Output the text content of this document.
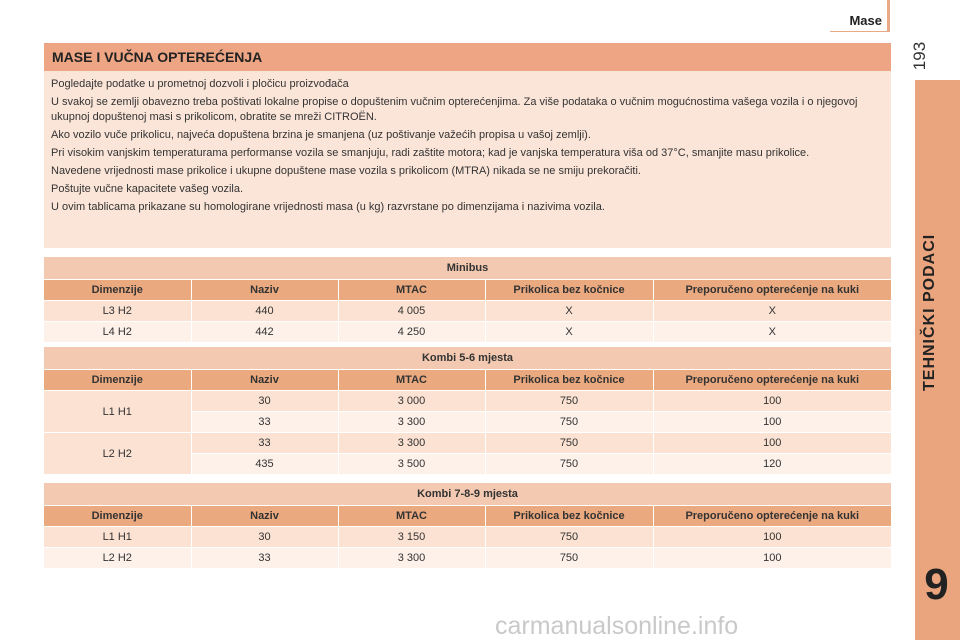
Mase
193
TEHNIČKI PODACI
9
MASE I VUČNA OPTEREĆENJA

Pogledajte podatke u prometnoj dozvoli i pločicu proizvođača

U svakoj se zemlji obavezno treba poštivati lokalne propise o dopuštenim vučnim opterećenjima. Za više podataka o vučnim mogućnostima vašega vozila i o njegovoj ukupnoj dopuštenoj masi s prikolicom, obratite se mreži CITROËN.

Ako vozilo vuče prikolicu, najveća dopuštena brzina je smanjena (uz poštivanje važećih propisa u vašoj zemlji).

Pri visokim vanjskim temperaturama performanse vozila se smanjuju, radi zaštite motora; kad je vanjska temperatura viša od 37°C, smanjite masu prikolice.

Navedene vrijednosti mase prikolice i ukupne dopuštene mase vozila s prikolicom (MTRA) nikada se ne smiju prekoračiti.

Poštujte vučne kapacitete vašeg vozila.

U ovim tablicama prikazane su homologirane vrijednosti masa (u kg) razvrstane po dimenzijama i nazivima vozila.

Minibus				
Dimenzije	Naziv	MTAC	Prikolica bez kočnice	Preporučeno opterećenje na kuki
L3 H2	440	4 005	X	X
L4 H2	442	4 250	X	X
Kombi 5-6 mjesta				
Dimenzije	Naziv	MTAC	Prikolica bez kočnice	Preporučeno opterećenje na kuki
L1 H1	30	3 000	750	100
	33	3 300	750	100
L2 H2	33	3 300	750	100
	435	3 500	750	120
Kombi 7-8-9 mjesta				
Dimenzije	Naziv	MTAC	Prikolica bez kočnice	Preporučeno opterećenje na kuki
L1 H1	30	3 150	750	100
L2 H2	33	3 300	750	100
carmanualsonline.info
